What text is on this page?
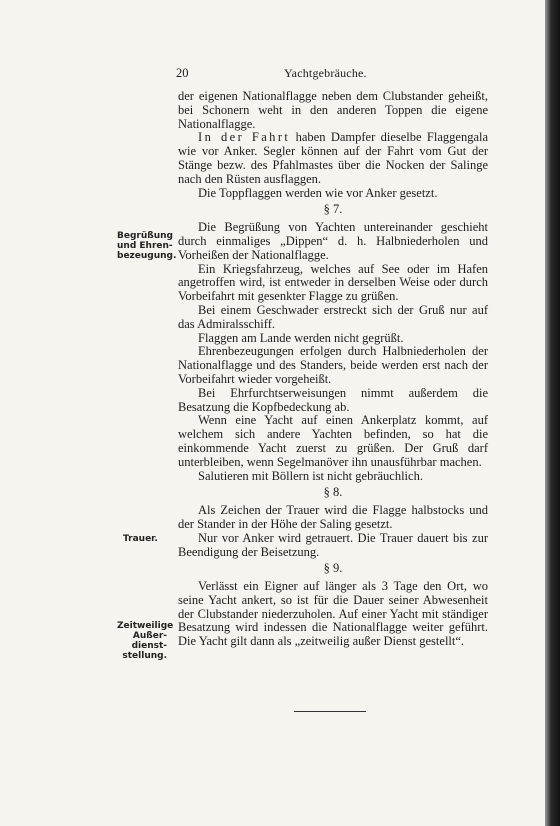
20	Yachtgebräuche.
Begrüßung
und Ehren-
bezeugung.
Trauer.
Zeitweilige
Außer-
dienst-
stellung.

der eigenen Nationalflagge neben dem Clubstander geheißt, bei Schonern weht in den anderen Toppen die eigene Nationalflagge.

In der Fahrt haben Dampfer dieselbe Flaggengala wie vor Anker. Segler können auf der Fahrt vom Gut der Stänge bezw. des Pfahlmastes über die Nocken der Salinge nach den Rüsten ausflaggen.

Die Toppflaggen werden wie vor Anker gesetzt.

§ 7.

Die Begrüßung von Yachten untereinander geschieht durch einmaliges „Dippen“ d. h. Halbniederholen und Vorheißen der Nationalflagge.

Ein Kriegsfahrzeug, welches auf See oder im Hafen angetroffen wird, ist entweder in derselben Weise oder durch Vorbeifahrt mit gesenkter Flagge zu grüßen.

Bei einem Geschwader erstreckt sich der Gruß nur auf das Admiralsschiff.

Flaggen am Lande werden nicht gegrüßt.

Ehrenbezeugungen erfolgen durch Halbniederholen der Nationalflagge und des Standers, beide werden erst nach der Vorbeifahrt wieder vorgeheißt.

Bei Ehrfurchtserweisungen nimmt außerdem die Besatzung die Kopfbedeckung ab.

Wenn eine Yacht auf einen Ankerplatz kommt, auf welchem sich andere Yachten befinden, so hat die einkommende Yacht zuerst zu grüßen. Der Gruß darf unterbleiben, wenn Segelmanöver ihn unausführbar machen.

Salutieren mit Böllern ist nicht gebräuchlich.

§ 8.

Als Zeichen der Trauer wird die Flagge halbstocks und der Stander in der Höhe der Saling gesetzt.

Nur vor Anker wird getrauert. Die Trauer dauert bis zur Beendigung der Beisetzung.

§ 9.

Verlässt ein Eigner auf länger als 3 Tage den Ort, wo seine Yacht ankert, so ist für die Dauer seiner Abwesenheit der Clubstander niederzuholen. Auf einer Yacht mit ständiger Besatzung wird indessen die Nationalflagge weiter geführt. Die Yacht gilt dann als „zeitweilig außer Dienst gestellt“.
